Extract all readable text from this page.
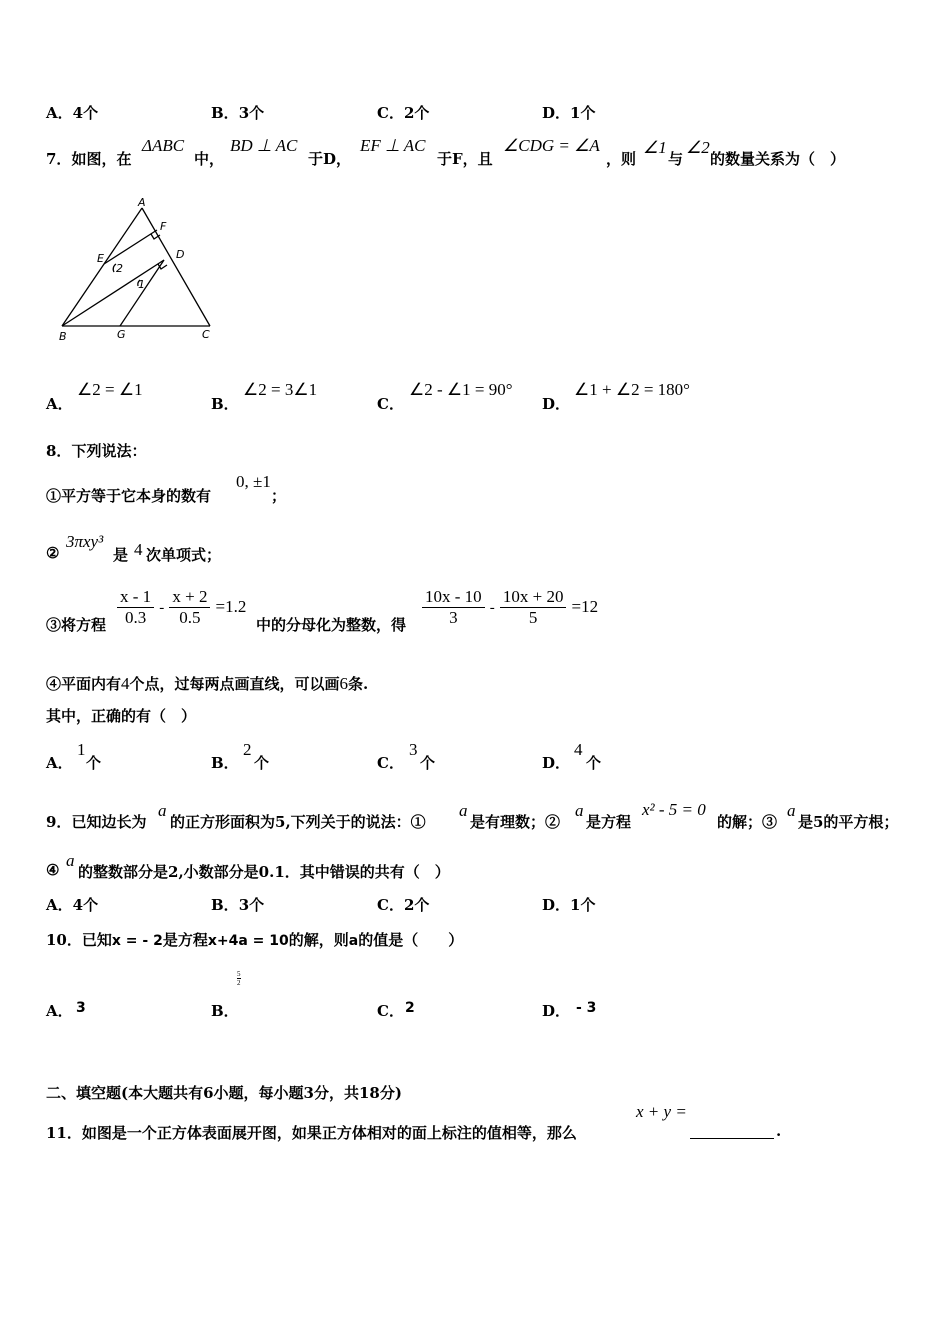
A．4个	B．3个	C．2个	D．1个
7．如图，在
ΔABC
中，
BD ⊥ AC
于D，
EF ⊥ AC
于F，且
∠CDG = ∠A
，则
∠1
与
∠2
的数量关系为（　）
A
F
E	D
2
1
B	G	C
A．
∠2 = ∠1
B．
∠2 = 3∠1
C．
∠2 - ∠1 = 90°
D．
∠1 + ∠2 = 180°
8．下列说法：
①平方等于它本身的数有
0, ±1
；
②
3πxy³
是 4 次单项式；
③将方程 $\frac{x - 1}{0.3} - \frac{x + 2}{0.5} =1.2$
中的分母化为整数，得 $\frac{10x - 10}{3} - \frac{10x + 20}{5} =12$
④平面内有4个点，过每两点画直线，可以画6条.
其中，正确的有（　）
A．
1
个	B．
2
个	C．
3
个	D．
4
个
9．已知边长为
a
的正方形面积为5,下列关于的说法：①
a
是有理数；②
a
是方程
x² - 5 = 0
的解；③
a
是5的平方根；
④ a
的整数部分是2,小数部分是0.1．其中错误的共有（　）
A．4个	B．3个	C．2个	D．1个
10．已知x = - 2是方程x+4a = 10的解，则a的值是（　　）
A． 3	B．
5
2
C． 2	D． - 3
二、填空题(本大题共有6小题，每小题3分，共18分)
11．如图是一个正方体表面展开图，如果正方体相对的面上标注的值相等，那么
x + y =
.
